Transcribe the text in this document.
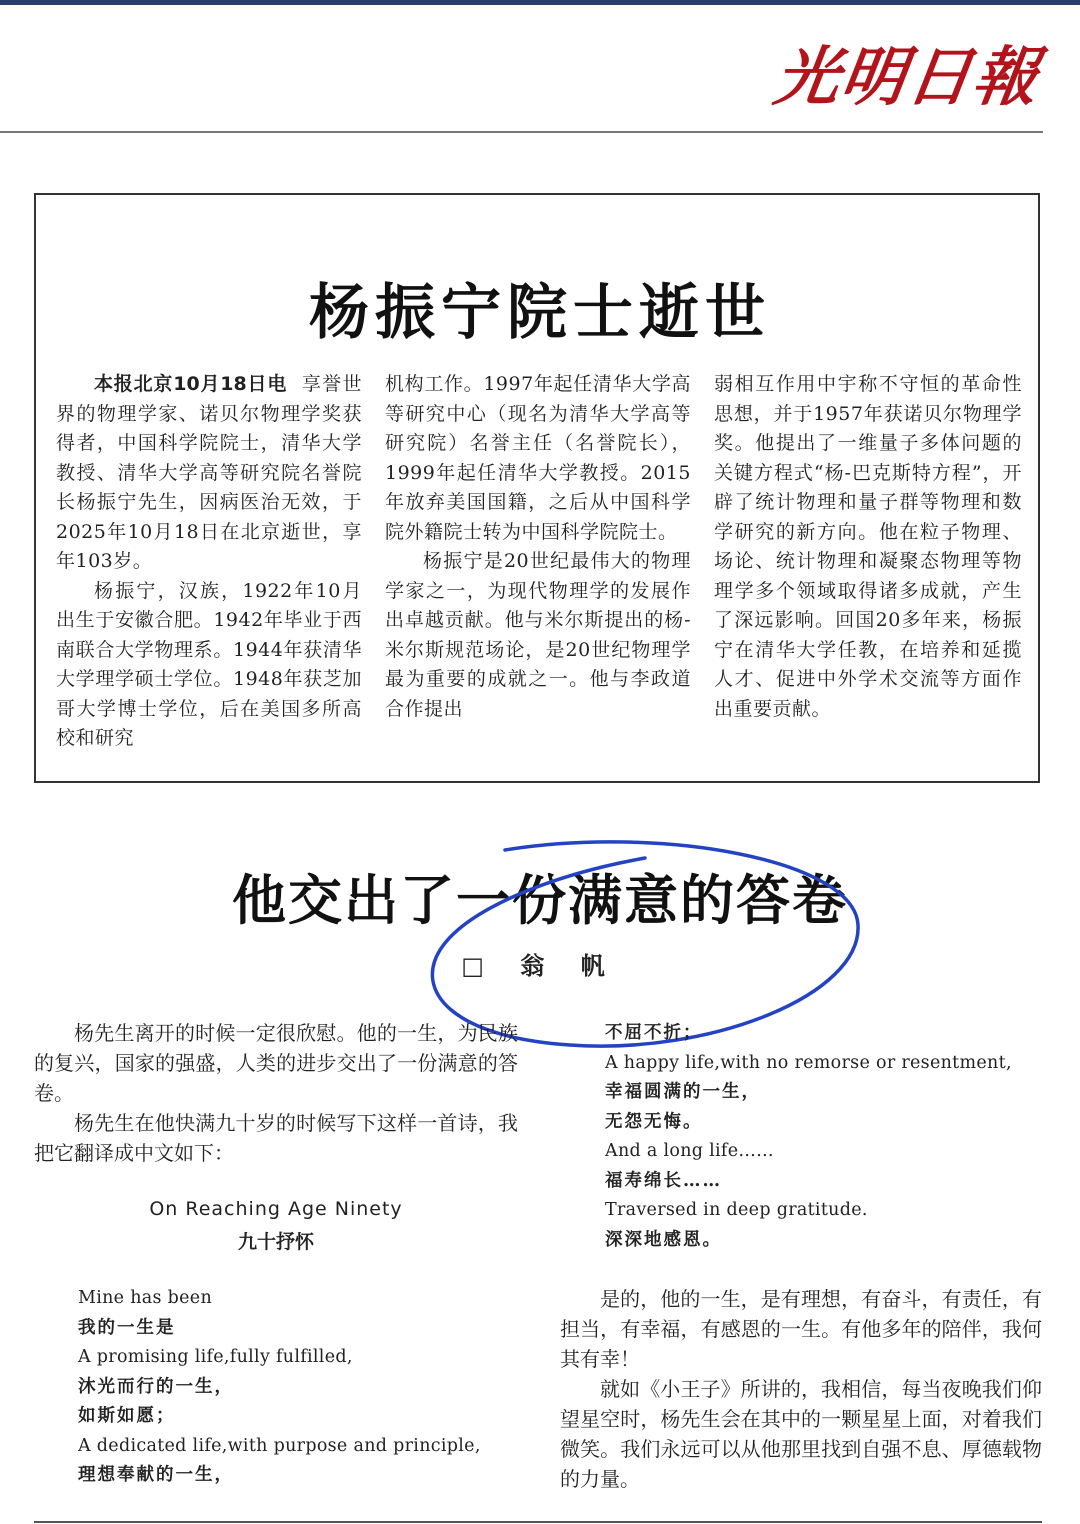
光明日報
杨振宁院士逝世

本报北京10月18日电 享誉世界的物理学家、诺贝尔物理学奖获得者，中国科学院院士，清华大学教授、清华大学高等研究院名誉院长杨振宁先生，因病医治无效，于2025年10月18日在北京逝世，享年103岁。

杨振宁，汉族，1922年10月出生于安徽合肥。1942年毕业于西南联合大学物理系。1944年获清华大学理学硕士学位。1948年获芝加哥大学博士学位，后在美国多所高校和研究

机构工作。1997年起任清华大学高等研究中心（现名为清华大学高等研究院）名誉主任（名誉院长），1999年起任清华大学教授。2015年放弃美国国籍，之后从中国科学院外籍院士转为中国科学院院士。

杨振宁是20世纪最伟大的物理学家之一，为现代物理学的发展作出卓越贡献。他与米尔斯提出的杨-米尔斯规范场论，是20世纪物理学最为重要的成就之一。他与李政道合作提出

弱相互作用中宇称不守恒的革命性思想，并于1957年获诺贝尔物理学奖。他提出了一维量子多体问题的关键方程式“杨-巴克斯特方程”，开辟了统计物理和量子群等物理和数学研究的新方向。他在粒子物理、场论、统计物理和凝聚态物理等物理学多个领域取得诸多成就，产生了深远影响。回国20多年来，杨振宁在清华大学任教，在培养和延揽人才、促进中外学术交流等方面作出重要贡献。

他交出了一份满意的答卷
□ 翁 帆

杨先生离开的时候一定很欣慰。他的一生，为民族的复兴，国家的强盛，人类的进步交出了一份满意的答卷。

杨先生在他快满九十岁的时候写下这样一首诗，我把它翻译成中文如下：

On Reaching Age Ninety
九十抒怀
Mine has been
我的一生是
A promising life,fully fulfilled,
沐光而行的一生，
如斯如愿；
A dedicated life,with purpose and principle,
理想奉献的一生，
不屈不折；
A happy life,with no remorse or resentment,
幸福圆满的一生，
无怨无悔。
And a long life……
福寿绵长……
Traversed in deep gratitude.
深深地感恩。

是的，他的一生，是有理想，有奋斗，有责任，有担当，有幸福，有感恩的一生。有他多年的陪伴，我何其有幸！

就如《小王子》所讲的，我相信，每当夜晚我们仰望星空时，杨先生会在其中的一颗星星上面，对着我们微笑。我们永远可以从他那里找到自强不息、厚德载物的力量。
